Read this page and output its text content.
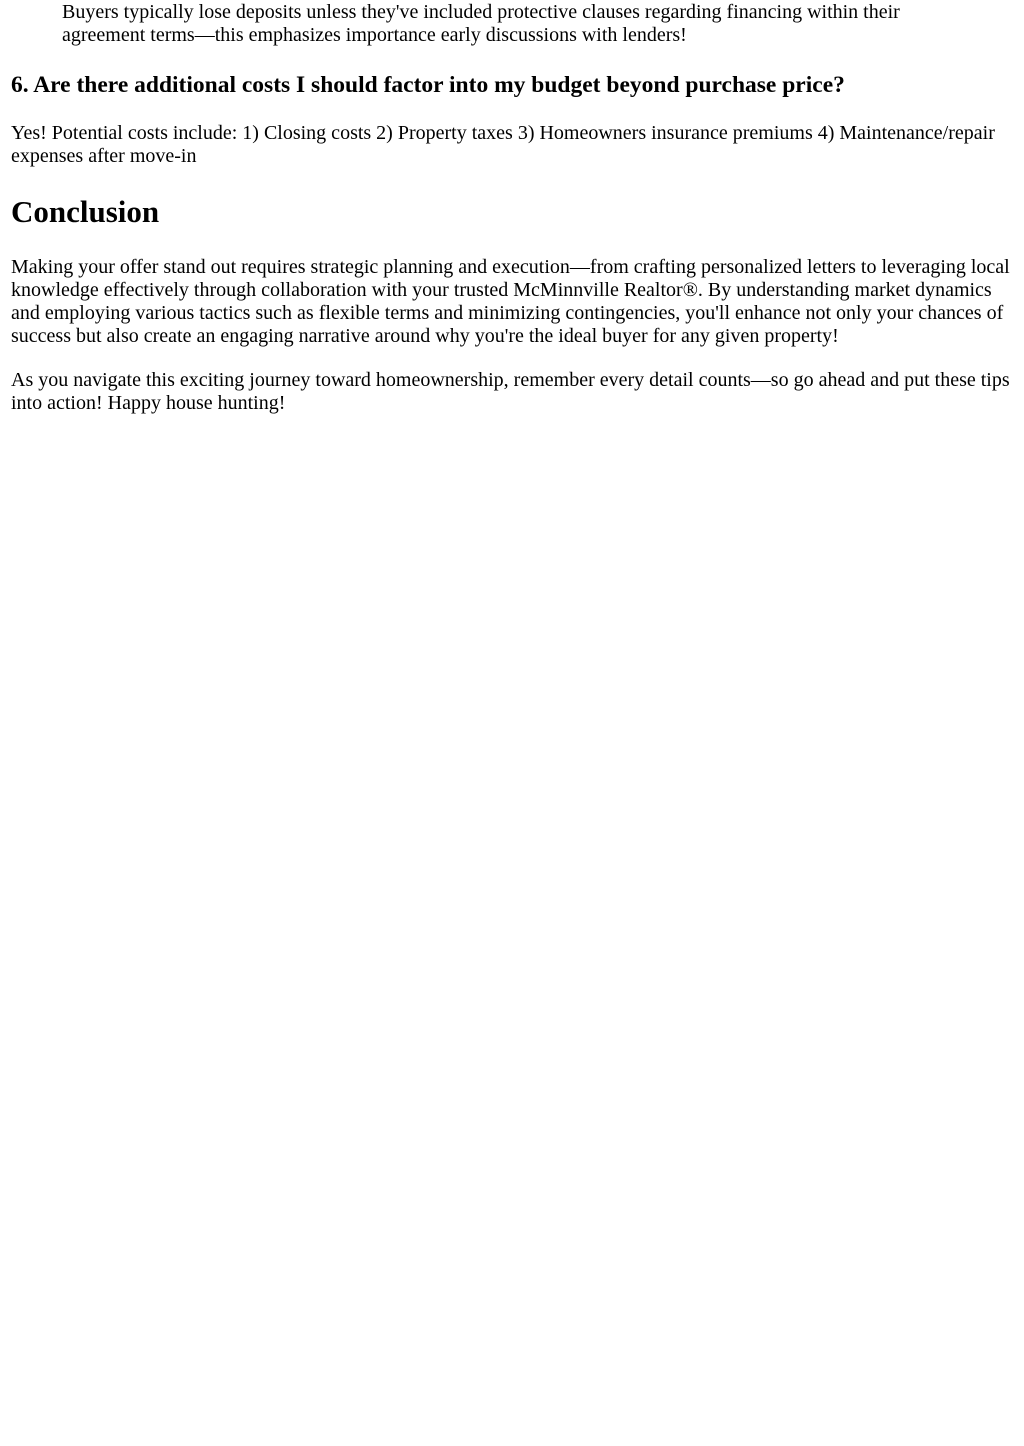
Buyers typically lose deposits unless they've included protective clauses regarding financing within their agreement terms—this emphasizes importance early discussions with lenders!
6. Are there additional costs I should factor into my budget beyond purchase price?

Yes! Potential costs include: 1) Closing costs 2) Property taxes 3) Homeowners insurance premiums 4) Maintenance/repair expenses after move-in

Conclusion

Making your offer stand out requires strategic planning and execution—from crafting personalized letters to leveraging local knowledge effectively through collaboration with your trusted McMinnville Realtor®. By understanding market dynamics and employing various tactics such as flexible terms and minimizing contingencies, you'll enhance not only your chances of success but also create an engaging narrative around why you're the ideal buyer for any given property!

As you navigate this exciting journey toward homeownership, remember every detail counts—so go ahead and put these tips into action! Happy house hunting!
